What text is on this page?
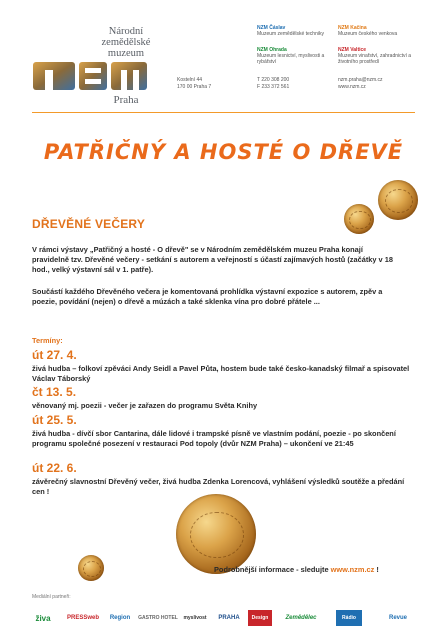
Národní
zemědělské
muzeum
Praha
NZM Čáslav
Muzeum zemědělské techniky
NZM Ohrada
Muzeum lesnictví, myslivosti a rybářství
NZM Kačina
Muzeum českého venkova
NZM Valtice
Muzeum vinařství, zahradnictví a životního prostředí
Kostelní 44
170 00 Praha 7
T 220 308 200
F 233 372 561
nzm.praha@nzm.cz
www.nzm.cz
PATŘIČNÝ A HOSTÉ O DŘEVĚ
DŘEVĚNÉ VEČERY
V rámci výstavy „Patřičný a hosté - O dřevě" se v Národním zemědělském muzeu Praha konají pravidelně tzv. Dřevěné večery - setkání s autorem a veřejností s účastí zajímavých hostů (začátky v 18 hod., velký výstavní sál v 1. patře).
Součástí každého Dřevěného večera je komentovaná prohlídka výstavní expozice s autorem, zpěv a poezie, povídání (nejen) o dřevě a múzách a také sklenka vína pro dobré přátele ...
Termíny:
út 27. 4.
živá hudba – folkoví zpěváci Andy Seidl a Pavel Půta, hostem bude také česko-kanadský filmař a spisovatel Václav Táborský
čt 13. 5.
věnovaný mj. poezii - večer je zařazen do programu Světa Knihy
út 25. 5.
živá hudba - dívčí sbor Cantarina, dále lidové i trampské písně ve vlastním podání, poezie - po skončení programu společné posezení v restauraci Pod topoly (dvůr NZM Praha) – ukončení ve 21:45
út 22. 6.
závěrečný slavnostní Dřevěný večer, živá hudba Zdenka Lorencová, vyhlášení výsledků soutěže a předání cen !
Podrobnější informace - sledujte www.nzm.cz !
Mediální partneři:
živa	PRESSweb Region GASTRO HOTEL myslivost PRAHA Design	Zemědělec	Rádio	Revue
